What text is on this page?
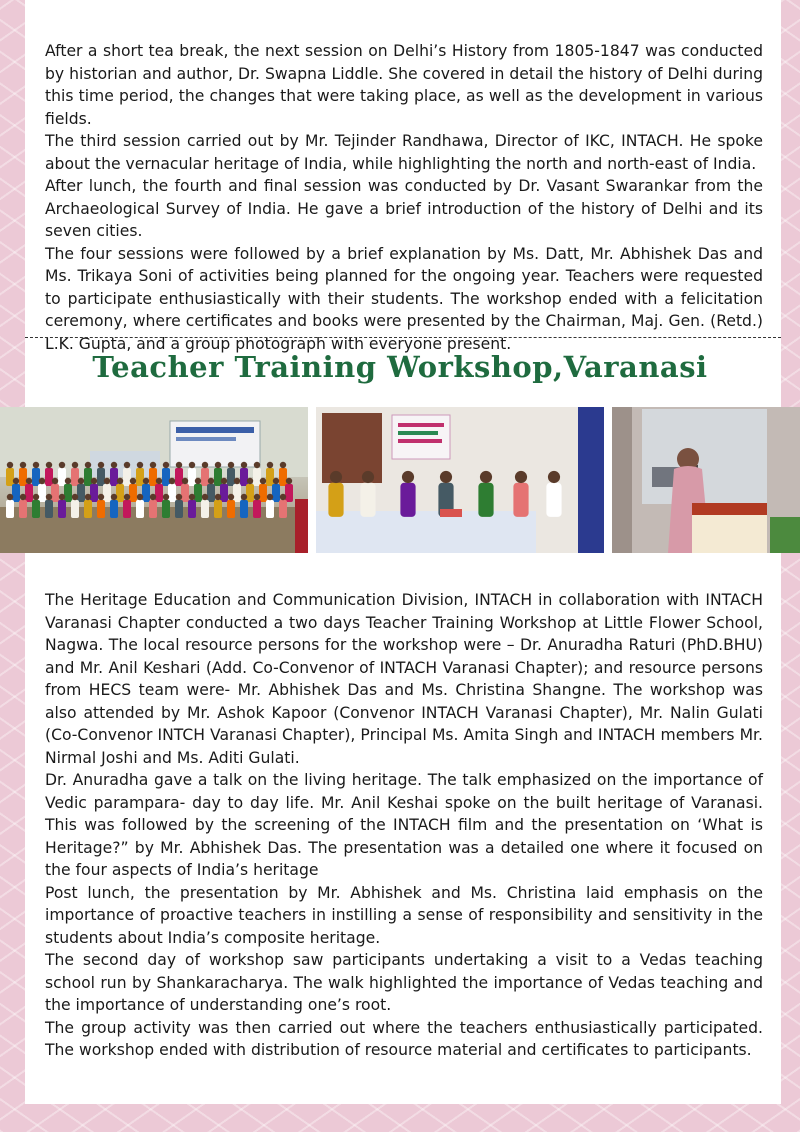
After a short tea break, the next session on Delhi’s History from 1805-1847 was conducted by historian and author, Dr. Swapna Liddle. She covered in detail the history of Delhi during this time period, the changes that were taking place, as well as the development in various fields.

The third session carried out by Mr. Tejinder Randhawa, Director of IKC, INTACH. He spoke about the vernacular heritage of India, while highlighting the north and north-east of India.

After lunch, the fourth and final session was conducted by Dr. Vasant Swarankar from the Archaeological Survey of India. He gave a brief introduction of the history of Delhi and its seven cities.

The four sessions were followed by a brief explanation by Ms. Datt, Mr. Abhishek Das and Ms. Trikaya Soni of activities being planned for the ongoing year. Teachers were requested to participate enthusiastically with their students. The workshop ended with a felicitation ceremony, where certificates and books were presented by the Chairman, Maj. Gen. (Retd.) L.K. Gupta, and a group photograph with everyone present.

Teacher Training Workshop,Varanasi

The Heritage Education and Communication Division, INTACH in collaboration with INTACH Varanasi Chapter conducted a two days Teacher Training Workshop at Little Flower School, Nagwa. The local resource persons for the workshop were – Dr. Anuradha Raturi (PhD.BHU) and Mr. Anil Keshari (Add. Co-Convenor of INTACH Varanasi Chapter); and resource persons from HECS team were- Mr. Abhishek Das and Ms. Christina Shangne. The workshop was also attended by Mr. Ashok Kapoor (Convenor INTACH Varanasi Chapter), Mr. Nalin Gulati (Co-Convenor INTCH Varanasi Chapter), Principal Ms. Amita Singh and INTACH members Mr. Nirmal Joshi and Ms. Aditi Gulati.

Dr. Anuradha gave a talk on the living heritage. The talk emphasized on the importance of Vedic parampara- day to day life. Mr. Anil Keshai spoke on the built heritage of Varanasi. This was followed by the screening of the INTACH film and the presentation on ‘What is Heritage?” by Mr. Abhishek Das. The presentation was a detailed one where it focused on the four aspects of India’s heritage

Post lunch, the presentation by Mr. Abhishek and Ms. Christina laid emphasis on the importance of proactive teachers in instilling a sense of responsibility and sensitivity in the students about India’s composite heritage.

The second day of workshop saw participants undertaking a visit to a Vedas teaching school run by Shankaracharya. The walk highlighted the importance of Vedas teaching and the importance of understanding one’s root.

The group activity was then carried out where the teachers enthusiastically participated. The workshop ended with distribution of resource material and certificates to participants.
